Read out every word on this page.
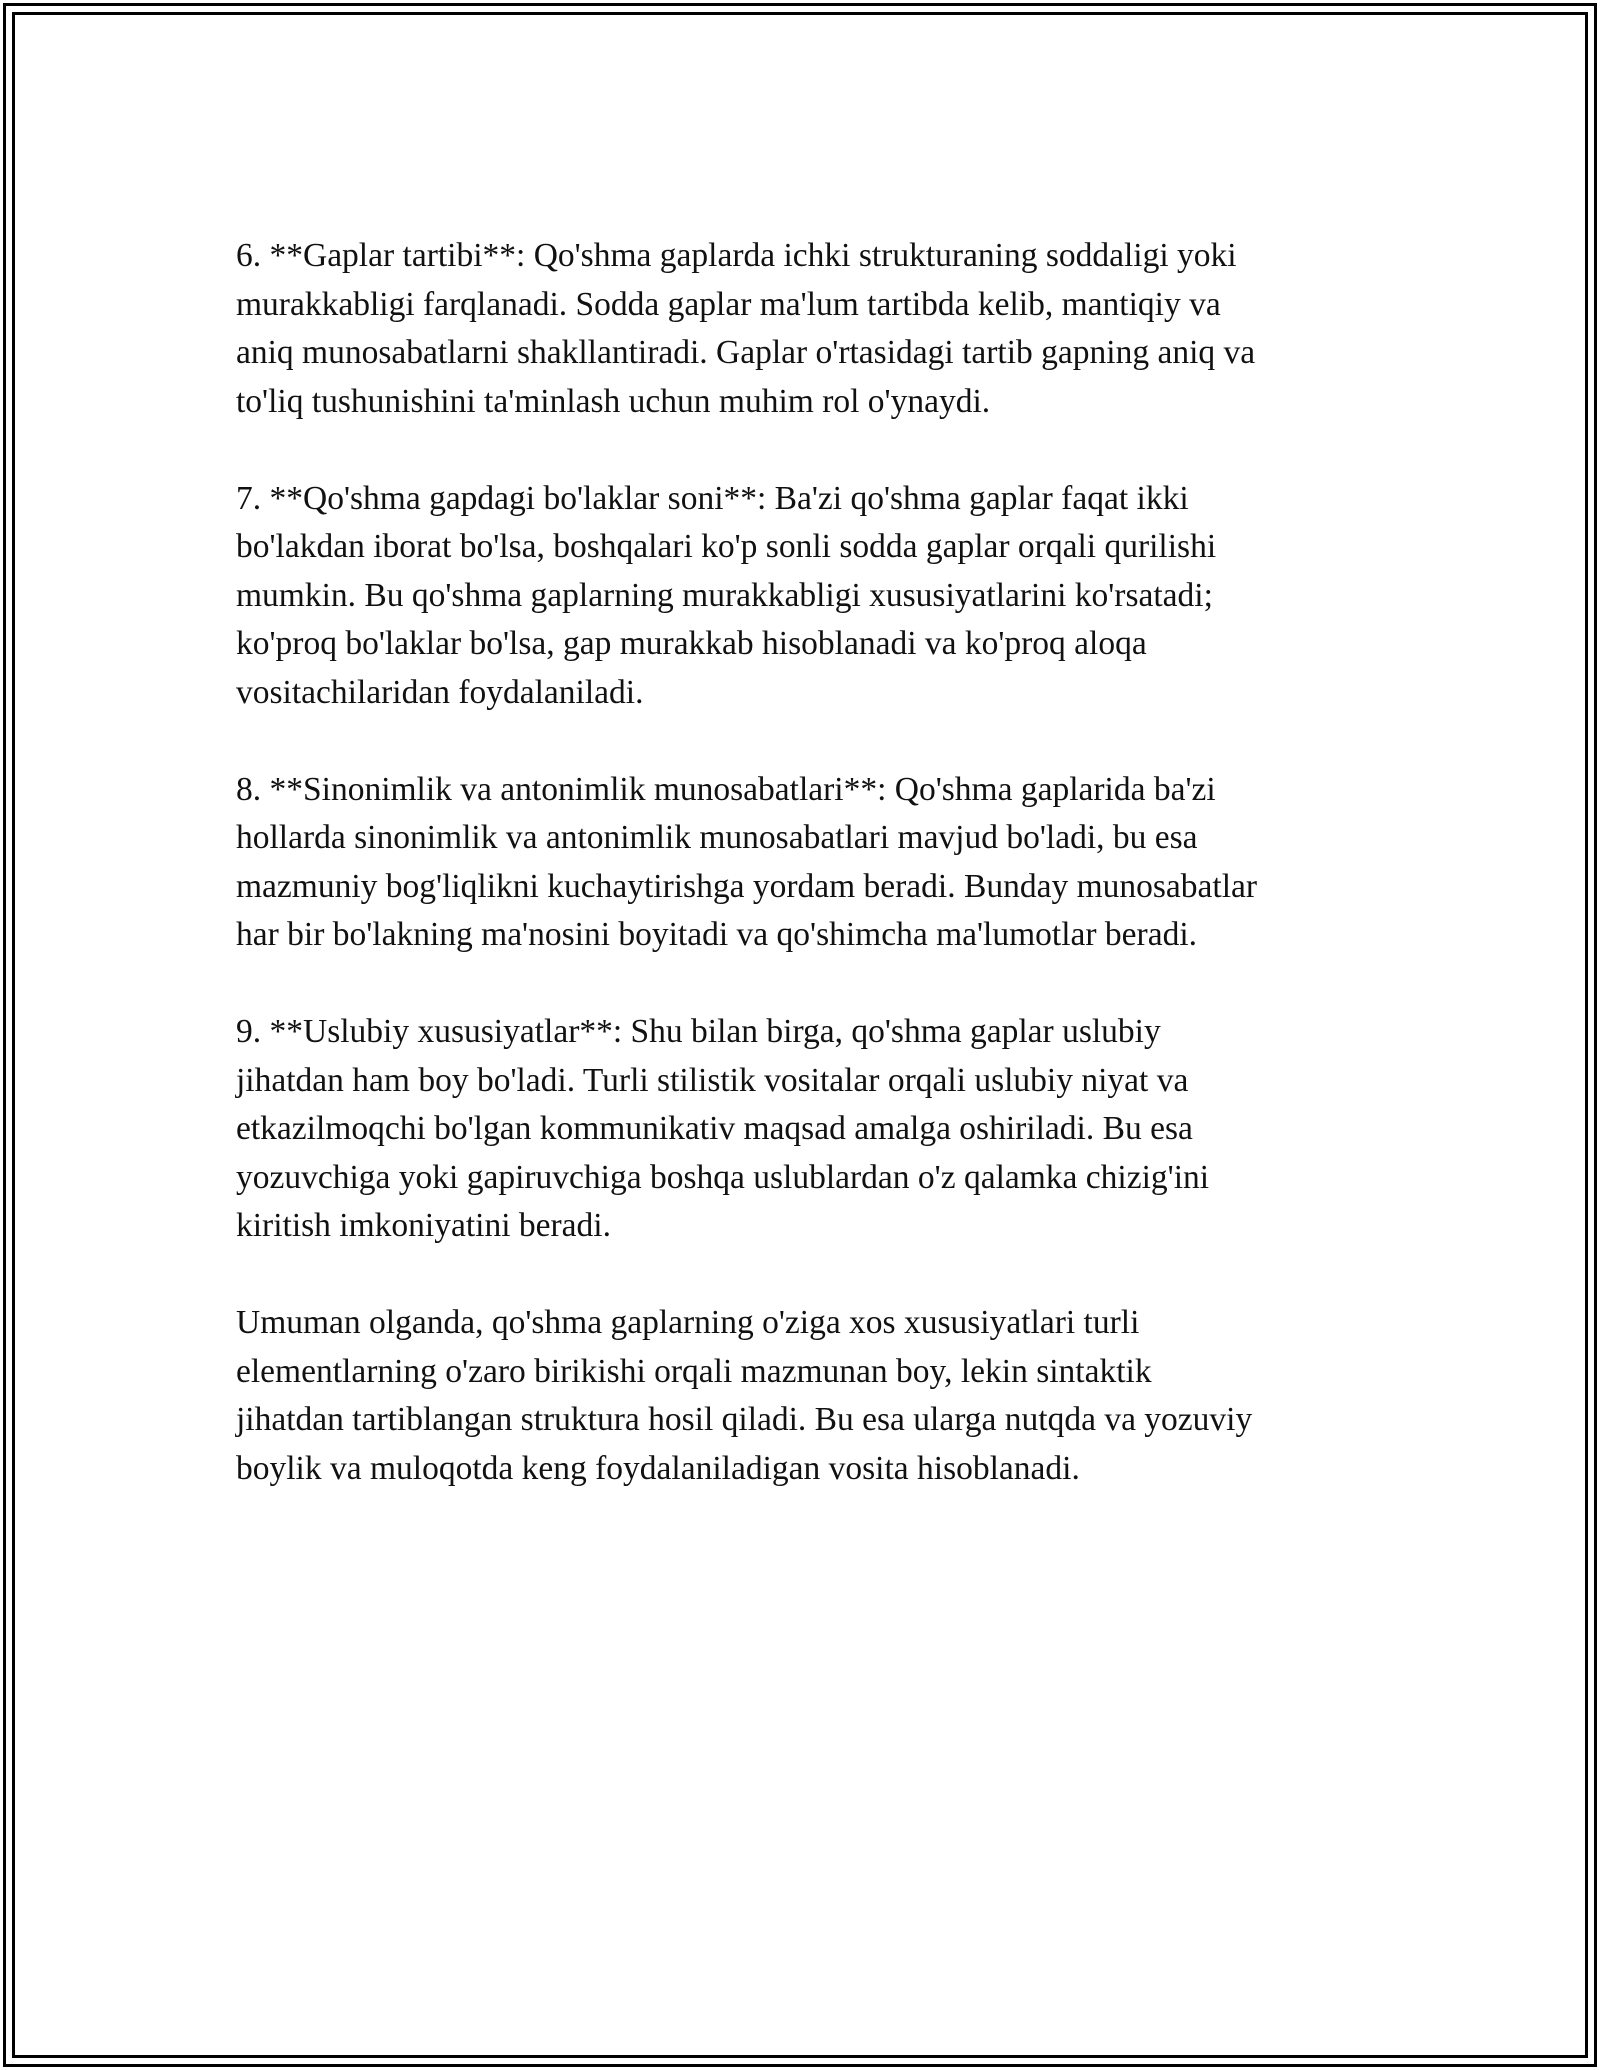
6. **Gaplar tartibi**: Qo'shma gaplarda ichki strukturaning soddaligi yoki
murakkabligi farqlanadi. Sodda gaplar ma'lum tartibda kelib, mantiqiy va
aniq munosabatlarni shakllantiradi. Gaplar o'rtasidagi tartib gapning aniq va
to'liq tushunishini ta'minlash uchun muhim rol o'ynaydi.

7. **Qo'shma gapdagi bo'laklar soni**: Ba'zi qo'shma gaplar faqat ikki
bo'lakdan iborat bo'lsa, boshqalari ko'p sonli sodda gaplar orqali qurilishi
mumkin. Bu qo'shma gaplarning murakkabligi xususiyatlarini ko'rsatadi;
ko'proq bo'laklar bo'lsa, gap murakkab hisoblanadi va ko'proq aloqa
vositachilaridan foydalaniladi.

8. **Sinonimlik va antonimlik munosabatlari**: Qo'shma gaplarida ba'zi
hollarda sinonimlik va antonimlik munosabatlari mavjud bo'ladi, bu esa
mazmuniy bog'liqlikni kuchaytirishga yordam beradi. Bunday munosabatlar
har bir bo'lakning ma'nosini boyitadi va qo'shimcha ma'lumotlar beradi.

9. **Uslubiy xususiyatlar**: Shu bilan birga, qo'shma gaplar uslubiy
jihatdan ham boy bo'ladi. Turli stilistik vositalar orqali uslubiy niyat va
etkazilmoqchi bo'lgan kommunikativ maqsad amalga oshiriladi. Bu esa
yozuvchiga yoki gapiruvchiga boshqa uslublardan o'z qalamka chizig'ini
kiritish imkoniyatini beradi.

Umuman olganda, qo'shma gaplarning o'ziga xos xususiyatlari turli
elementlarning o'zaro birikishi orqali mazmunan boy, lekin sintaktik
jihatdan tartiblangan struktura hosil qiladi. Bu esa ularga nutqda va yozuviy
boylik va muloqotda keng foydalaniladigan vosita hisoblanadi.
